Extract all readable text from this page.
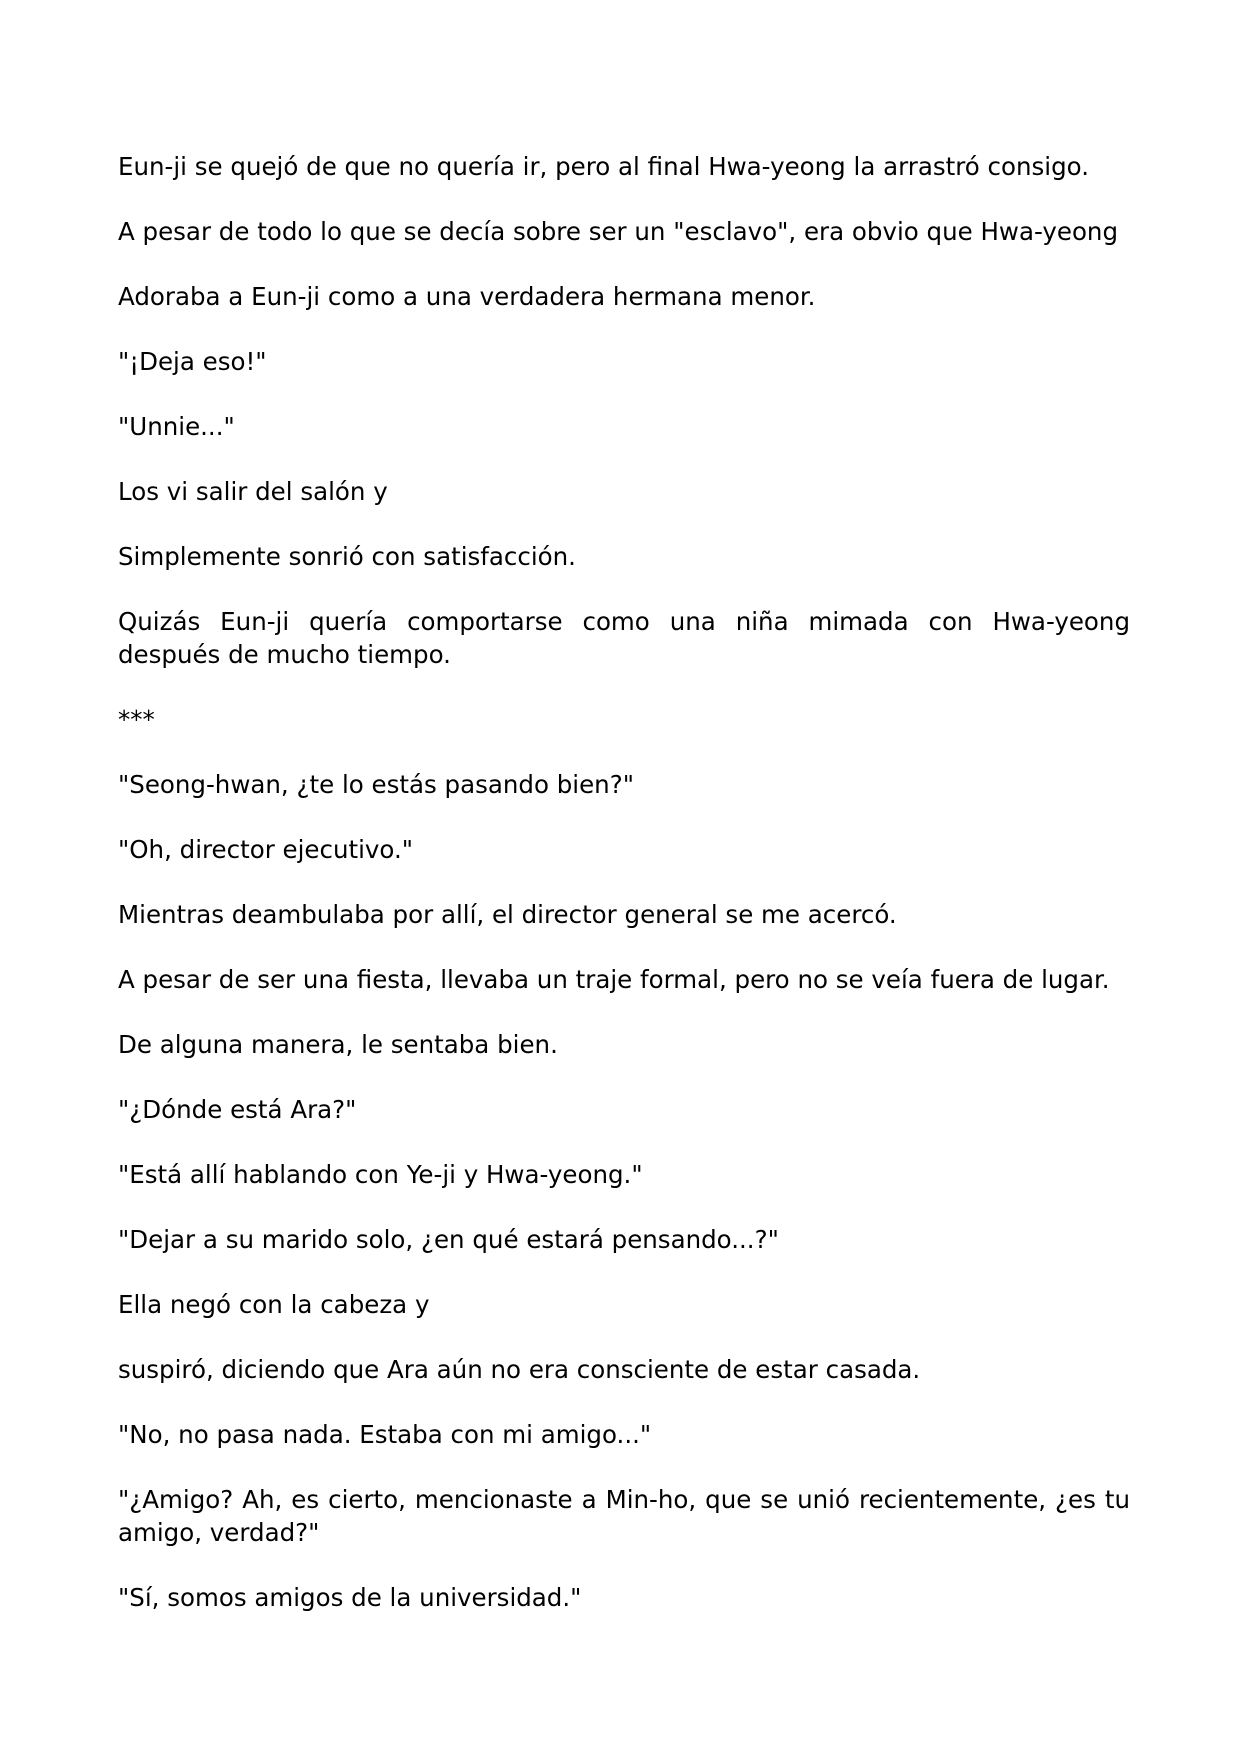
Eun-ji se quejó de que no quería ir, pero al final Hwa-yeong la arrastró consigo.

A pesar de todo lo que se decía sobre ser un "esclavo", era obvio que Hwa-yeong

Adoraba a Eun-ji como a una verdadera hermana menor.

"¡Deja eso!"

"Unnie..."

Los vi salir del salón y

Simplemente sonrió con satisfacción.

Quizás Eun-ji quería comportarse como una niña mimada con Hwa-yeong después de mucho tiempo.

***

"Seong-hwan, ¿te lo estás pasando bien?"

"Oh, director ejecutivo."

Mientras deambulaba por allí, el director general se me acercó.

A pesar de ser una fiesta, llevaba un traje formal, pero no se veía fuera de lugar.

De alguna manera, le sentaba bien.

"¿Dónde está Ara?"

"Está allí hablando con Ye-ji y Hwa-yeong."

"Dejar a su marido solo, ¿en qué estará pensando...?"

Ella negó con la cabeza y

suspiró, diciendo que Ara aún no era consciente de estar casada.

"No, no pasa nada. Estaba con mi amigo..."

"¿Amigo? Ah, es cierto, mencionaste a Min-ho, que se unió recientemente, ¿es tu amigo, verdad?"

"Sí, somos amigos de la universidad."
